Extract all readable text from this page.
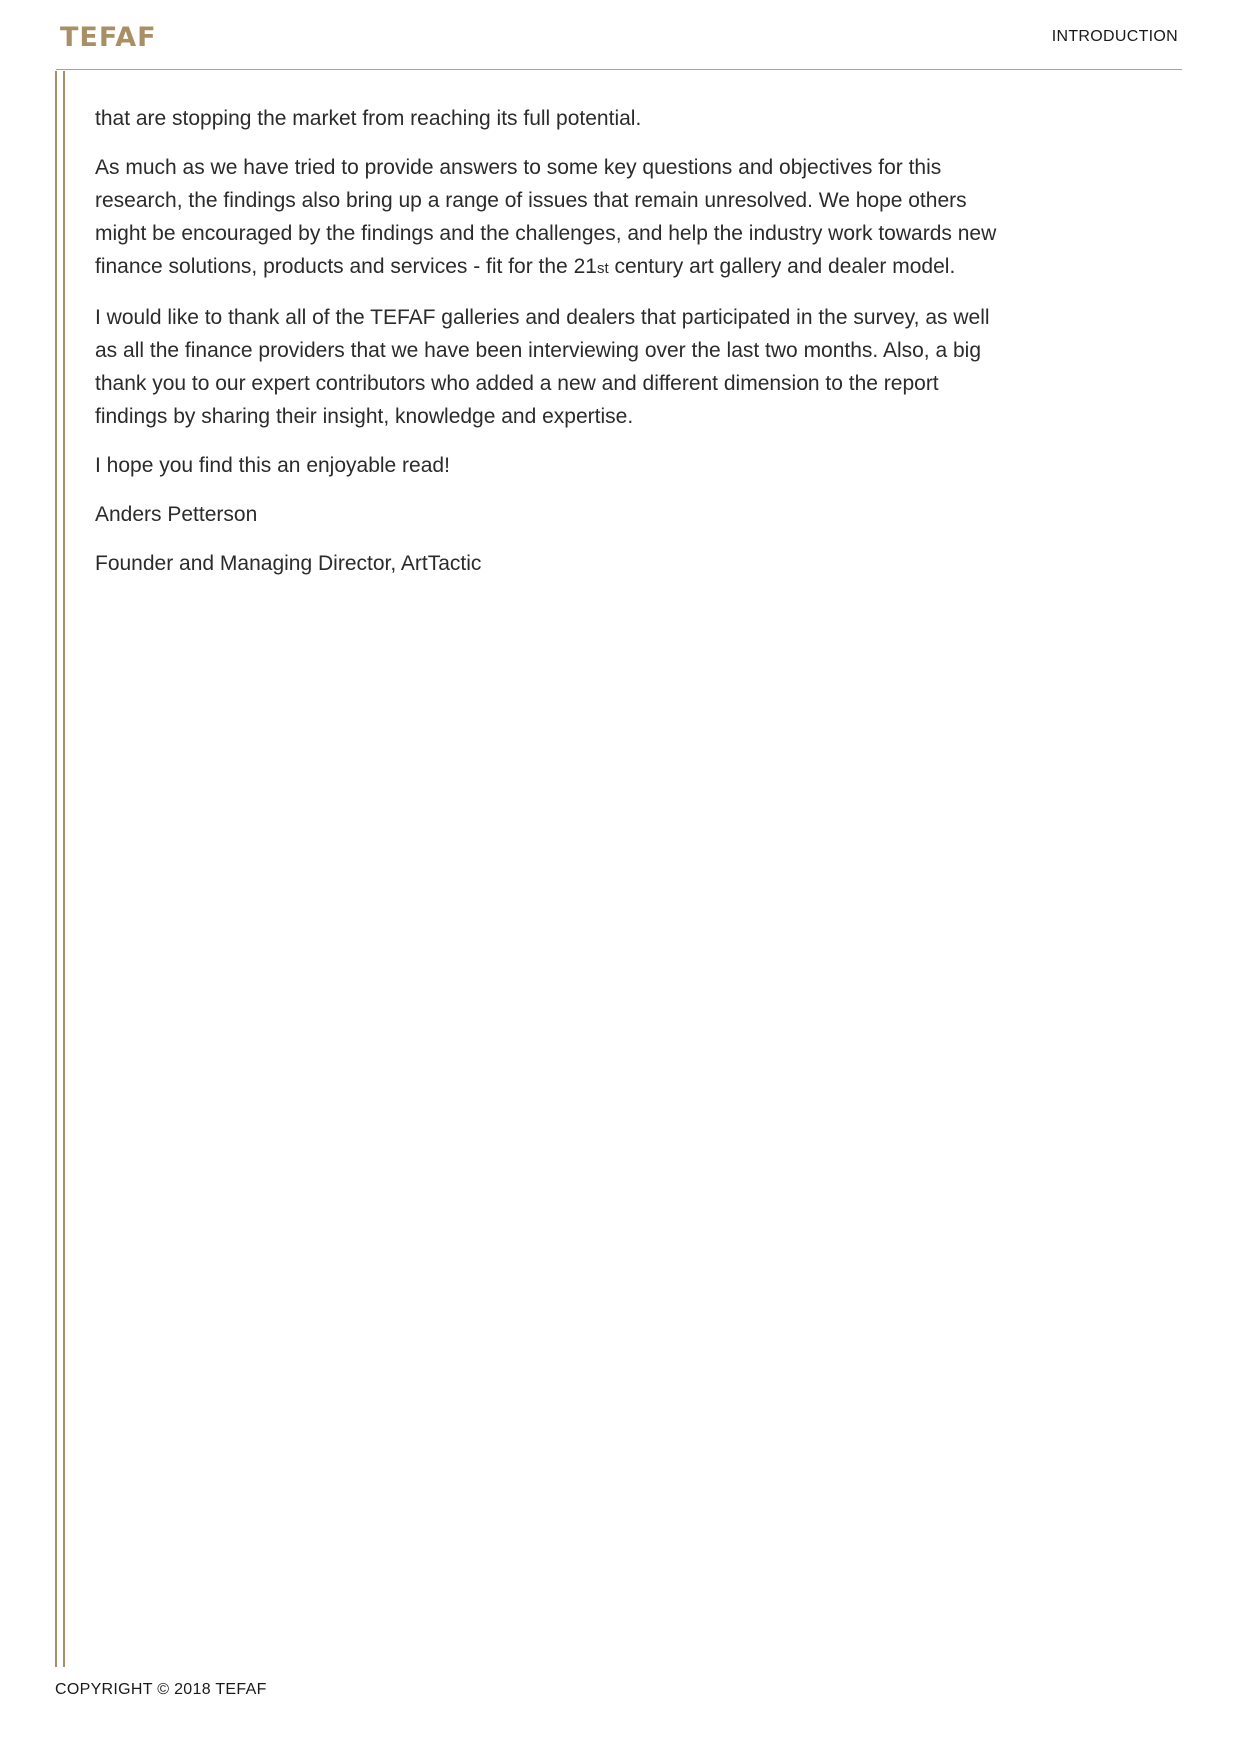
TEFAF	INTRODUCTION

that are stopping the market from reaching its full potential.

As much as we have tried to provide answers to some key questions and objectives for this research, the findings also bring up a range of issues that remain unresolved. We hope others might be encouraged by the findings and the challenges, and help the industry work towards new finance solutions, products and services - fit for the 21st century art gallery and dealer model.

I would like to thank all of the TEFAF galleries and dealers that participated in the survey, as well as all the finance providers that we have been interviewing over the last two months. Also, a big thank you to our expert contributors who added a new and different dimension to the report findings by sharing their insight, knowledge and expertise.

I hope you find this an enjoyable read!

Anders Petterson

Founder and Managing Director, ArtTactic

COPYRIGHT © 2018 TEFAF
